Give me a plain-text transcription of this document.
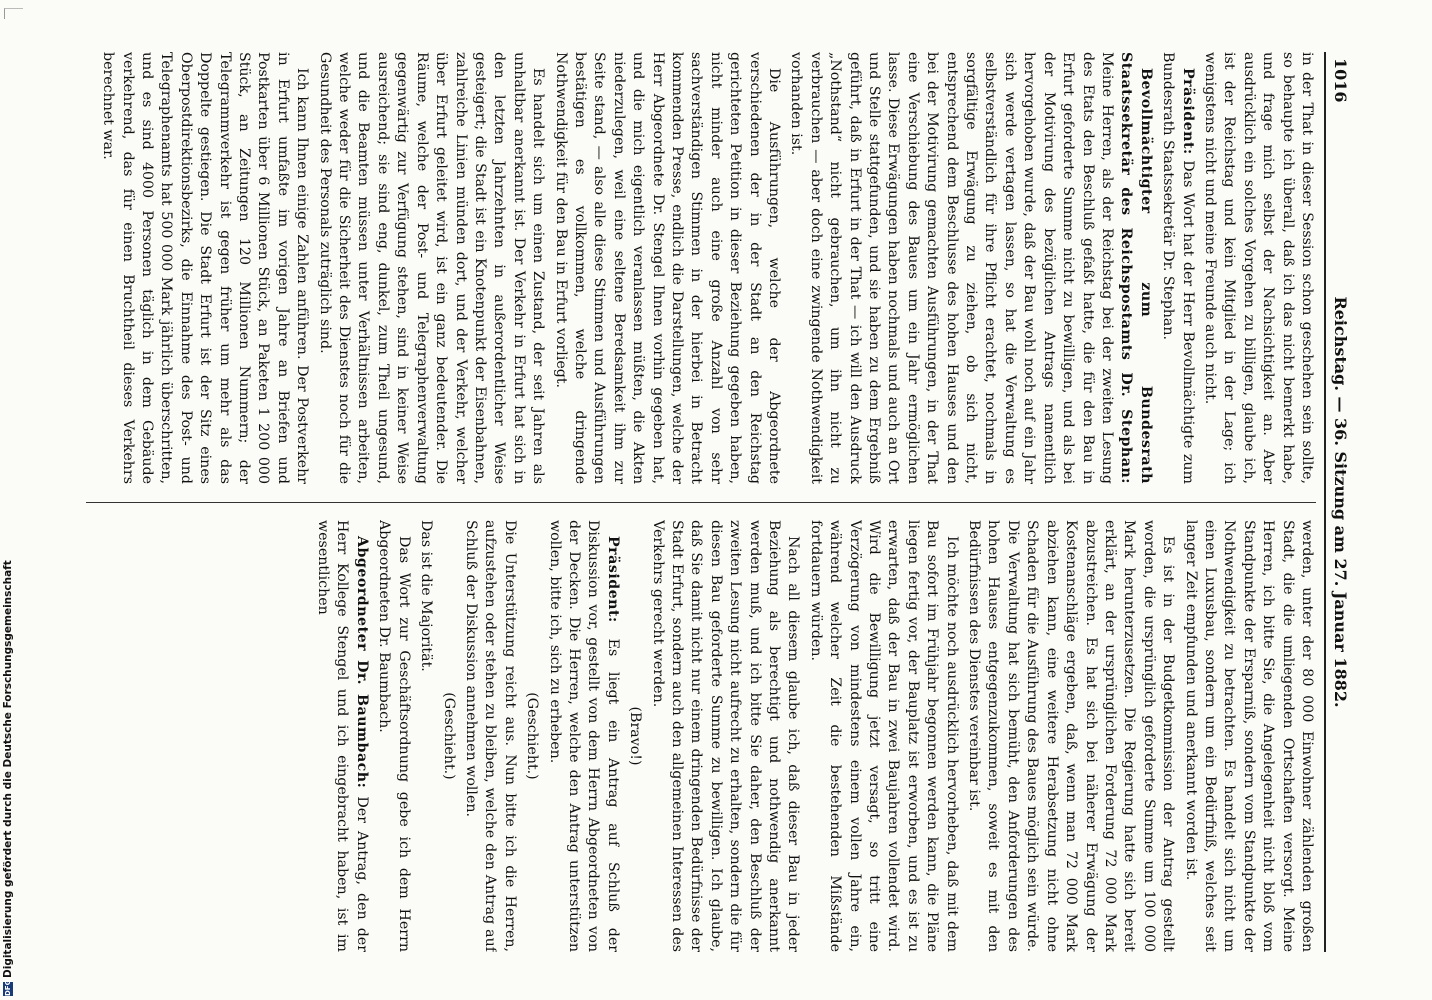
DFGDigitalisierung gefördert durch die Deutsche Forschungsgemeinschaft
1016
Reichstag. — 36. Sitzung am 27. Januar 1882.

in der That in dieser Session schon geschehen sein sollte, so behaupte ich überall, daß ich das nicht bemerkt habe, und frage mich selbst der Nachsichtigkeit an. Aber ausdrücklich ein solches Vorgehen zu billigen, glaube ich, ist der Reichstag und kein Mitglied in der Lage; ich wenigstens nicht und meine Freunde auch nicht.

Präsident: Das Wort hat der Herr Bevollmächtigte zum Bundesrath Staatssekretär Dr. Stephan.

Bevollmächtigter zum Bundesrath Staatssekretär des Reichspostamts Dr. Stephan: Meine Herren, als der Reichstag bei der zweiten Lesung des Etats den Beschluß gefaßt hatte, die für den Bau in Erfurt geforderte Summe nicht zu bewilligen, und als bei der Motivirung des bezüglichen Antrags namentlich hervorgehoben wurde, daß der Bau wohl noch auf ein Jahr sich werde vertagen lassen, so hat die Verwaltung es selbstverständlich für ihre Pflicht erachtet, nochmals in sorgfältige Erwägung zu ziehen, ob sich nicht, entsprechend dem Beschlusse des hohen Hauses und den bei der Motivirung gemachten Ausführungen, in der That eine Verschiebung des Baues um ein Jahr ermöglichen lasse. Diese Erwägungen haben nochmals und auch an Ort und Stelle stattgefunden, und sie haben zu dem Ergebniß geführt, daß in Erfurt in der That — ich will den Ausdruck „Nothstand“ nicht gebrauchen, um ihn nicht zu verbrauchen — aber doch eine zwingende Nothwendigkeit vorhanden ist.

Die Ausführungen, welche der Abgeordnete verschiedenen der in der Stadt an den Reichstag gerichteten Petition in dieser Beziehung gegeben haben, nicht minder auch eine große Anzahl von sehr sachverständigen Stimmen in der hierbei in Betracht kommenden Presse, endlich die Darstellungen, welche der Herr Abgeordnete Dr. Stengel Ihnen vorhin gegeben hat, und die mich eigentlich veranlassen müßten, die Akten niederzulegen, weil eine seltene Beredsamkeit ihm zur Seite stand, — also alle diese Stimmen und Ausführungen bestätigen es vollkommen, welche dringende Nothwendigkeit für den Bau in Erfurt vorliegt.

Es handelt sich um einen Zustand, der seit Jahren als unhaltbar anerkannt ist. Der Verkehr in Erfurt hat sich in den letzten Jahrzehnten in außerordentlicher Weise gesteigert; die Stadt ist ein Knotenpunkt der Eisenbahnen, zahlreiche Linien münden dort, und der Verkehr, welcher über Erfurt geleitet wird, ist ein ganz bedeutender. Die Räume, welche der Post- und Telegraphenverwaltung gegenwärtig zur Verfügung stehen, sind in keiner Weise ausreichend; sie sind eng, dunkel, zum Theil ungesund, und die Beamten müssen unter Verhältnissen arbeiten, welche weder für die Sicherheit des Dienstes noch für die Gesundheit des Personals zuträglich sind.

Ich kann Ihnen einige Zahlen anführen. Der Postverkehr in Erfurt umfaßte im vorigen Jahre an Briefen und Postkarten über 6 Millionen Stück, an Paketen 1 200 000 Stück, an Zeitungen 120 Millionen Nummern; der Telegrammverkehr ist gegen früher um mehr als das Doppelte gestiegen. Die Stadt Erfurt ist der Sitz eines Oberpostdirektionsbezirks, die Einnahme des Post- und Telegraphenamts hat 500 000 Mark jährlich überschritten, und es sind 4000 Personen täglich in dem Gebäude verkehrend, das für einen Bruchtheil dieses Verkehrs berechnet war.

werden, unter der 80 000 Einwohner zählenden großen Stadt, die die umliegenden Ortschaften versorgt. Meine Herren, ich bitte Sie, die Angelegenheit nicht bloß vom Standpunkte der Ersparniß, sondern vom Standpunkte der Nothwendigkeit zu betrachten. Es handelt sich nicht um einen Luxusbau, sondern um ein Bedürfniß, welches seit langer Zeit empfunden und anerkannt worden ist.

Es ist in der Budgetkommission der Antrag gestellt worden, die ursprünglich geforderte Summe um 100 000 Mark herunterzusetzen. Die Regierung hatte sich bereit erklärt, an der ursprünglichen Forderung 72 000 Mark abzustreichen. Es hat sich bei näherer Erwägung der Kostenanschläge ergeben, daß, wenn man 72 000 Mark abziehen kann, eine weitere Herabsetzung nicht ohne Schaden für die Ausführung des Baues möglich sein würde. Die Verwaltung hat sich bemüht, den Anforderungen des hohen Hauses entgegenzukommen, soweit es mit den Bedürfnissen des Dienstes vereinbar ist.

Ich möchte noch ausdrücklich hervorheben, daß mit dem Bau sofort im Frühjahr begonnen werden kann, die Pläne liegen fertig vor, der Bauplatz ist erworben, und es ist zu erwarten, daß der Bau in zwei Baujahren vollendet wird. Wird die Bewilligung jetzt versagt, so tritt eine Verzögerung von mindestens einem vollen Jahre ein, während welcher Zeit die bestehenden Mißstände fortdauern würden.

Nach all diesem glaube ich, daß dieser Bau in jeder Beziehung als berechtigt und nothwendig anerkannt werden muß, und ich bitte Sie daher, den Beschluß der zweiten Lesung nicht aufrecht zu erhalten, sondern die für diesen Bau geforderte Summe zu bewilligen. Ich glaube, daß Sie damit nicht nur einem dringenden Bedürfnisse der Stadt Erfurt, sondern auch den allgemeinen Interessen des Verkehrs gerecht werden.

(Bravo!)

Präsident: Es liegt ein Antrag auf Schluß der Diskussion vor, gestellt von dem Herrn Abgeordneten von der Decken. Die Herren, welche den Antrag unterstützen wollen, bitte ich, sich zu erheben.

(Geschieht.)

Die Unterstützung reicht aus. Nun bitte ich die Herren, aufzustehen oder stehen zu bleiben, welche den Antrag auf Schluß der Diskussion annehmen wollen.

(Geschieht.)

Das ist die Majorität.

Das Wort zur Geschäftsordnung gebe ich dem Herrn Abgeordneten Dr. Baumbach.

Abgeordneter Dr. Baumbach: Der Antrag, den der Herr Kollege Stengel und ich eingebracht haben, ist im wesentlichen
